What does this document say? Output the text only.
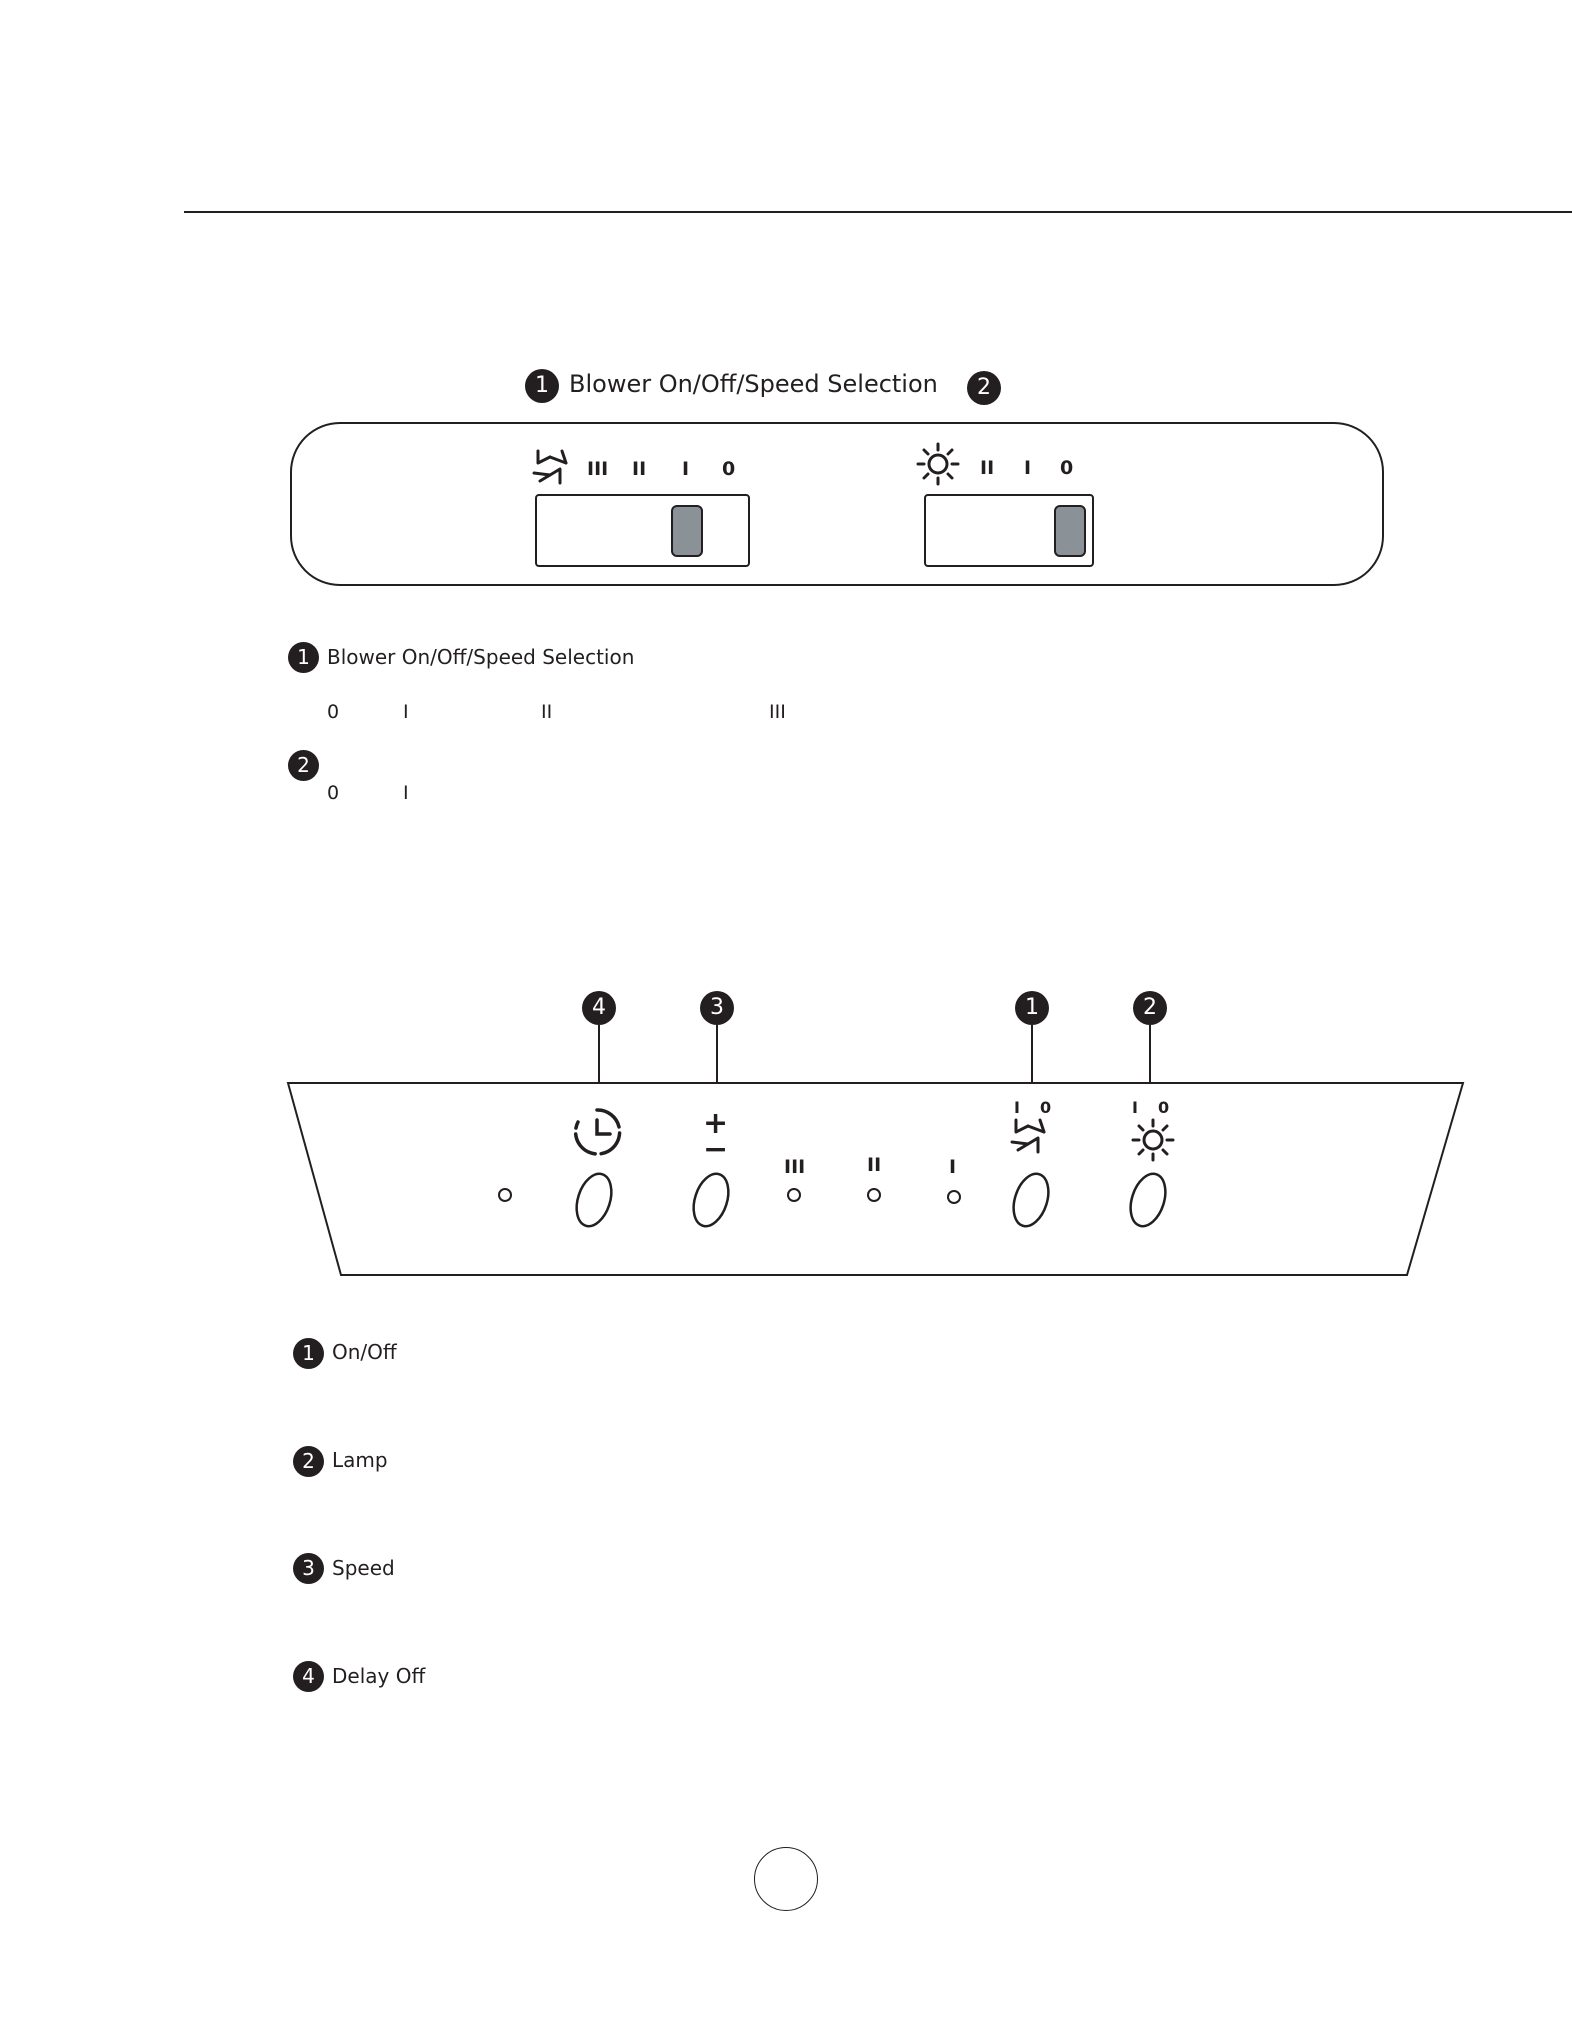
1 Blower On/Off/Speed Selection	2
III II I 0	II I 0
1 Blower On/Off/Speed Selection
0	I	II	III
2
0	I
4	3	1	2
+
−	III	II	I
I 0	I 0
1 On/Off
2 Lamp
3 Speed
4 Delay Off
